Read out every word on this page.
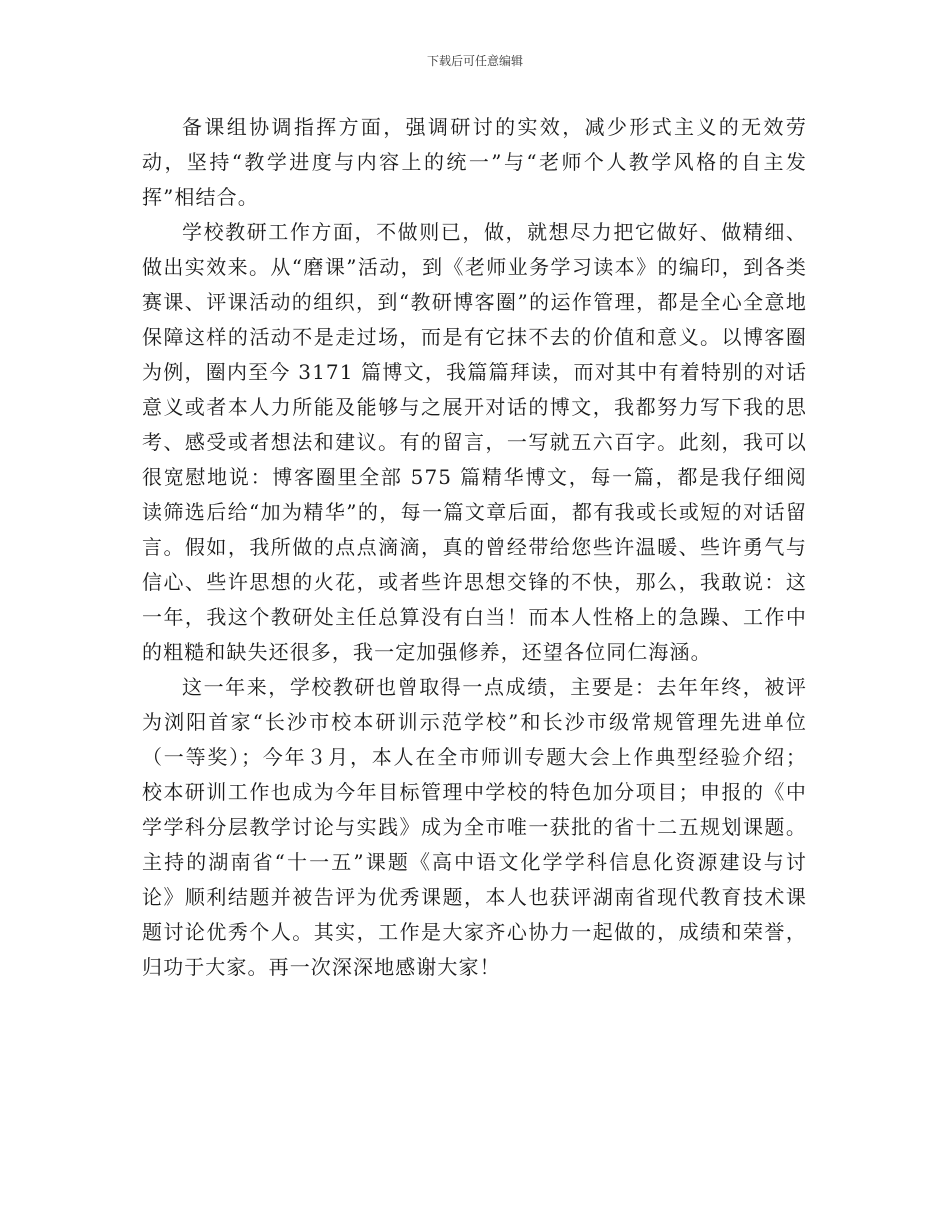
下载后可任意编辑

备课组协调指挥方面，强调研讨的实效，减少形式主义的无效劳动，坚持“教学进度与内容上的统一”与“老师个人教学风格的自主发挥”相结合。

学校教研工作方面，不做则已，做，就想尽力把它做好、做精细、做出实效来。从“磨课”活动，到《老师业务学习读本》的编印，到各类赛课、评课活动的组织，到“教研博客圈”的运作管理，都是全心全意地保障这样的活动不是走过场，而是有它抹不去的价值和意义。以博客圈为例，圈内至今 3171 篇博文，我篇篇拜读，而对其中有着特别的对话意义或者本人力所能及能够与之展开对话的博文，我都努力写下我的思考、感受或者想法和建议。有的留言，一写就五六百字。此刻，我可以很宽慰地说：博客圈里全部 575 篇精华博文，每一篇，都是我仔细阅读筛选后给“加为精华”的，每一篇文章后面，都有我或长或短的对话留言。假如，我所做的点点滴滴，真的曾经带给您些许温暖、些许勇气与信心、些许思想的火花，或者些许思想交锋的不快，那么，我敢说：这一年，我这个教研处主任总算没有白当！而本人性格上的急躁、工作中的粗糙和缺失还很多，我一定加强修养，还望各位同仁海涵。

这一年来，学校教研也曾取得一点成绩，主要是：去年年终，被评为浏阳首家“长沙市校本研训示范学校”和长沙市级常规管理先进单位（一等奖）；今年３月，本人在全市师训专题大会上作典型经验介绍；校本研训工作也成为今年目标管理中学校的特色加分项目；申报的《中学学科分层教学讨论与实践》成为全市唯一获批的省十二五规划课题。主持的湖南省“十一五”课题《高中语文化学学科信息化资源建设与讨论》顺利结题并被告评为优秀课题，本人也获评湖南省现代教育技术课题讨论优秀个人。其实，工作是大家齐心协力一起做的，成绩和荣誉，归功于大家。再一次深深地感谢大家！
